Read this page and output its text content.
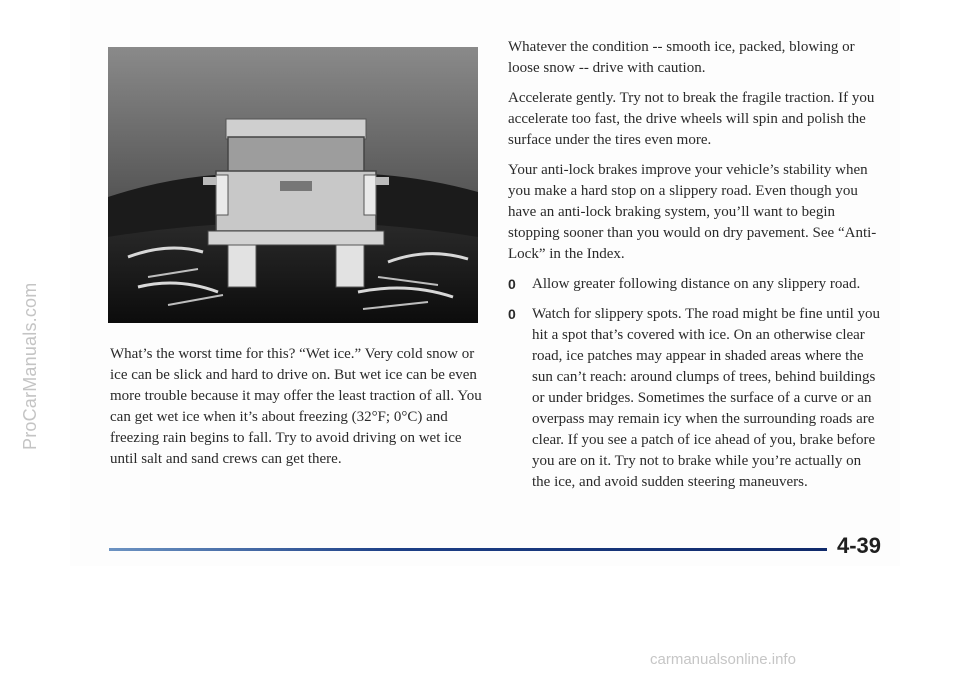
ProCarManuals.com	What’s the worst time for this? “Wet ice.” Very cold snow or ice can be slick and hard to drive on. But wet ice can be even more trouble because it may offer the least traction of all. You can get wet ice when it’s about freezing (32°F; 0°C) and freezing rain begins to fall. Try to avoid driving on wet ice until salt and sand crews can get there.

Whatever the condition -- smooth ice, packed, blowing or loose snow -- drive with caution.

Accelerate gently. Try not to break the fragile traction. If you accelerate too fast, the drive wheels will spin and polish the surface under the tires even more.

Your anti-lock brakes improve your vehicle’s stability when you make a hard stop on a slippery road. Even though you have an anti-lock braking system, you’ll want to begin stopping sooner than you would on dry pavement. See “Anti-Lock” in the Index.

0 Allow greater following distance on any slippery road.
0 Watch for slippery spots. The road might be fine until you hit a spot that’s covered with ice. On an otherwise clear road, ice patches may appear in shaded areas where the sun can’t reach: around clumps of trees, behind buildings or under bridges. Sometimes the surface of a curve or an overpass may remain icy when the surrounding roads are clear. If you see a patch of ice ahead of you, brake before you are on it. Try not to brake while you’re actually on the ice, and avoid sudden steering maneuvers.
4-39
carmanualsonline.info
